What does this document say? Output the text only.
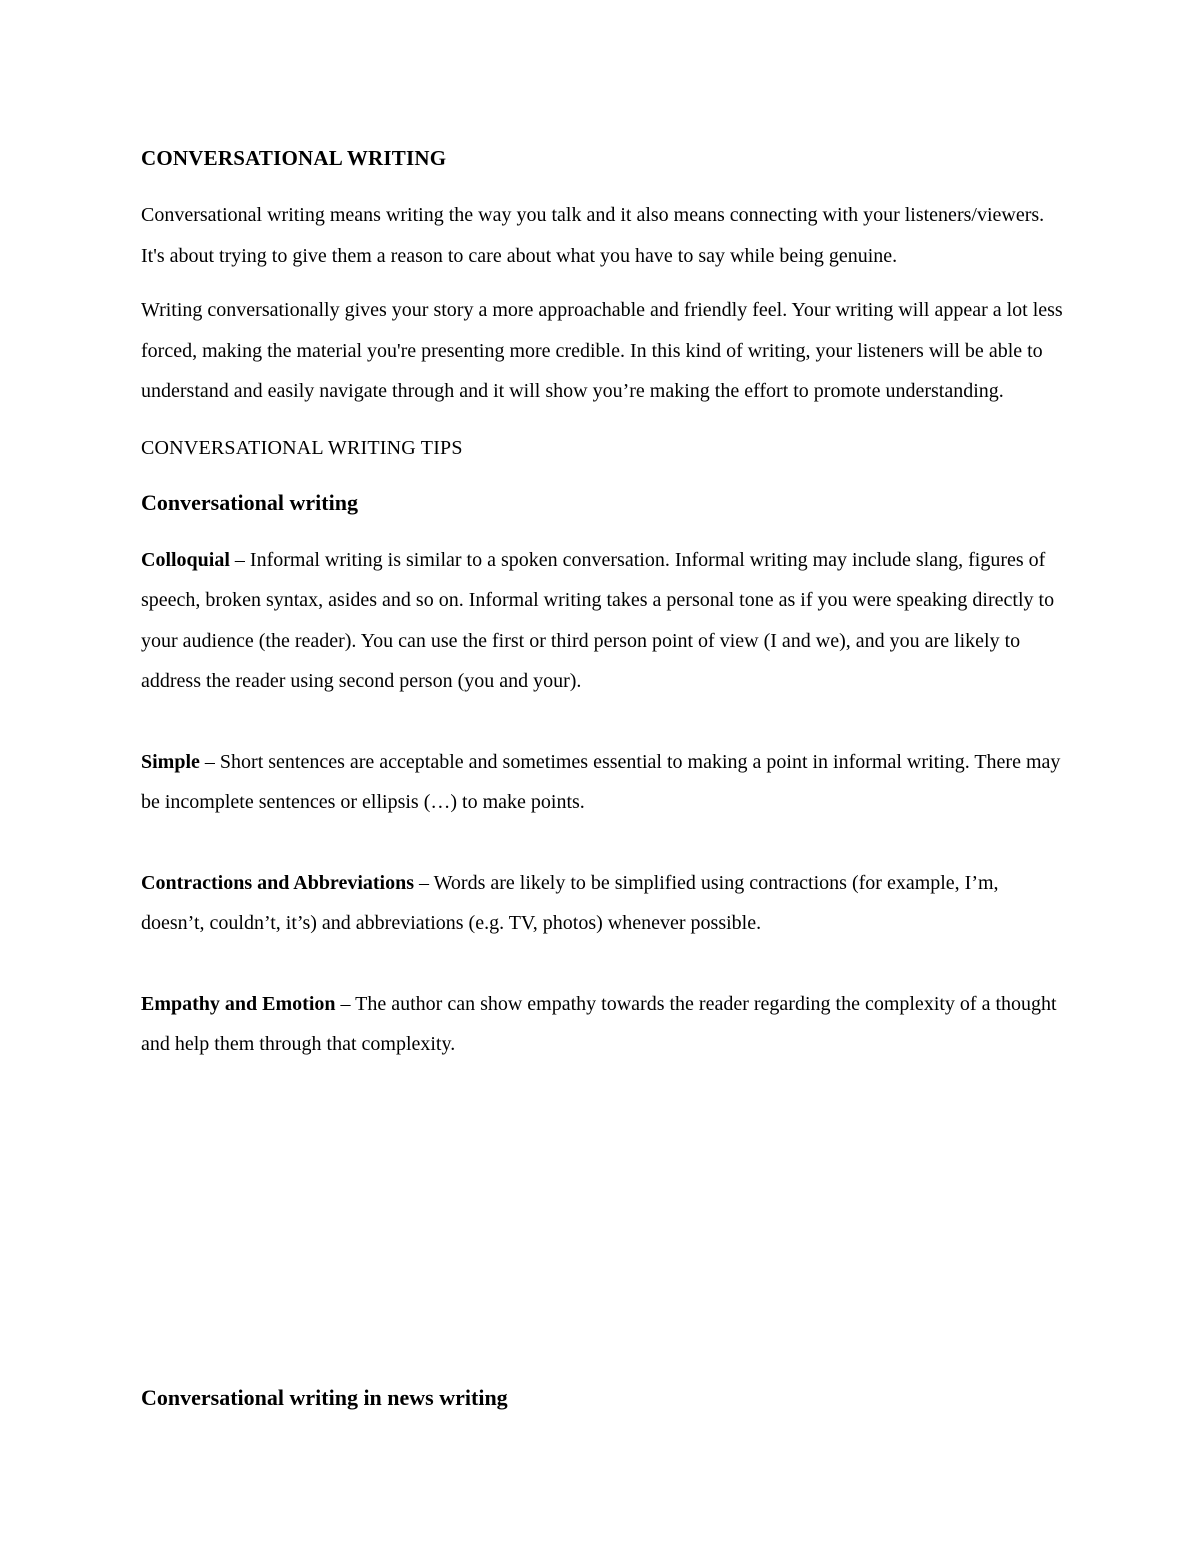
CONVERSATIONAL WRITING

Conversational writing means writing the way you talk and it also means connecting with your listeners/viewers. It's about trying to give them a reason to care about what you have to say while being genuine.

Writing conversationally gives your story a more approachable and friendly feel. Your writing will appear a lot less forced, making the material you're presenting more credible. In this kind of writing, your listeners will be able to understand and easily navigate through and it will show you’re making the effort to promote understanding.

CONVERSATIONAL WRITING TIPS
Conversational writing

Colloquial – Informal writing is similar to a spoken conversation. Informal writing may include slang, figures of speech, broken syntax, asides and so on. Informal writing takes a personal tone as if you were speaking directly to your audience (the reader). You can use the first or third person point of view (I and we), and you are likely to address the reader using second person (you and your).

Simple – Short sentences are acceptable and sometimes essential to making a point in informal writing. There may be incomplete sentences or ellipsis (…) to make points.

Contractions and Abbreviations – Words are likely to be simplified using contractions (for example, I’m, doesn’t, couldn’t, it’s) and abbreviations (e.g. TV, photos) whenever possible.

Empathy and Emotion – The author can show empathy towards the reader regarding the complexity of a thought and help them through that complexity.

Conversational writing in news writing
